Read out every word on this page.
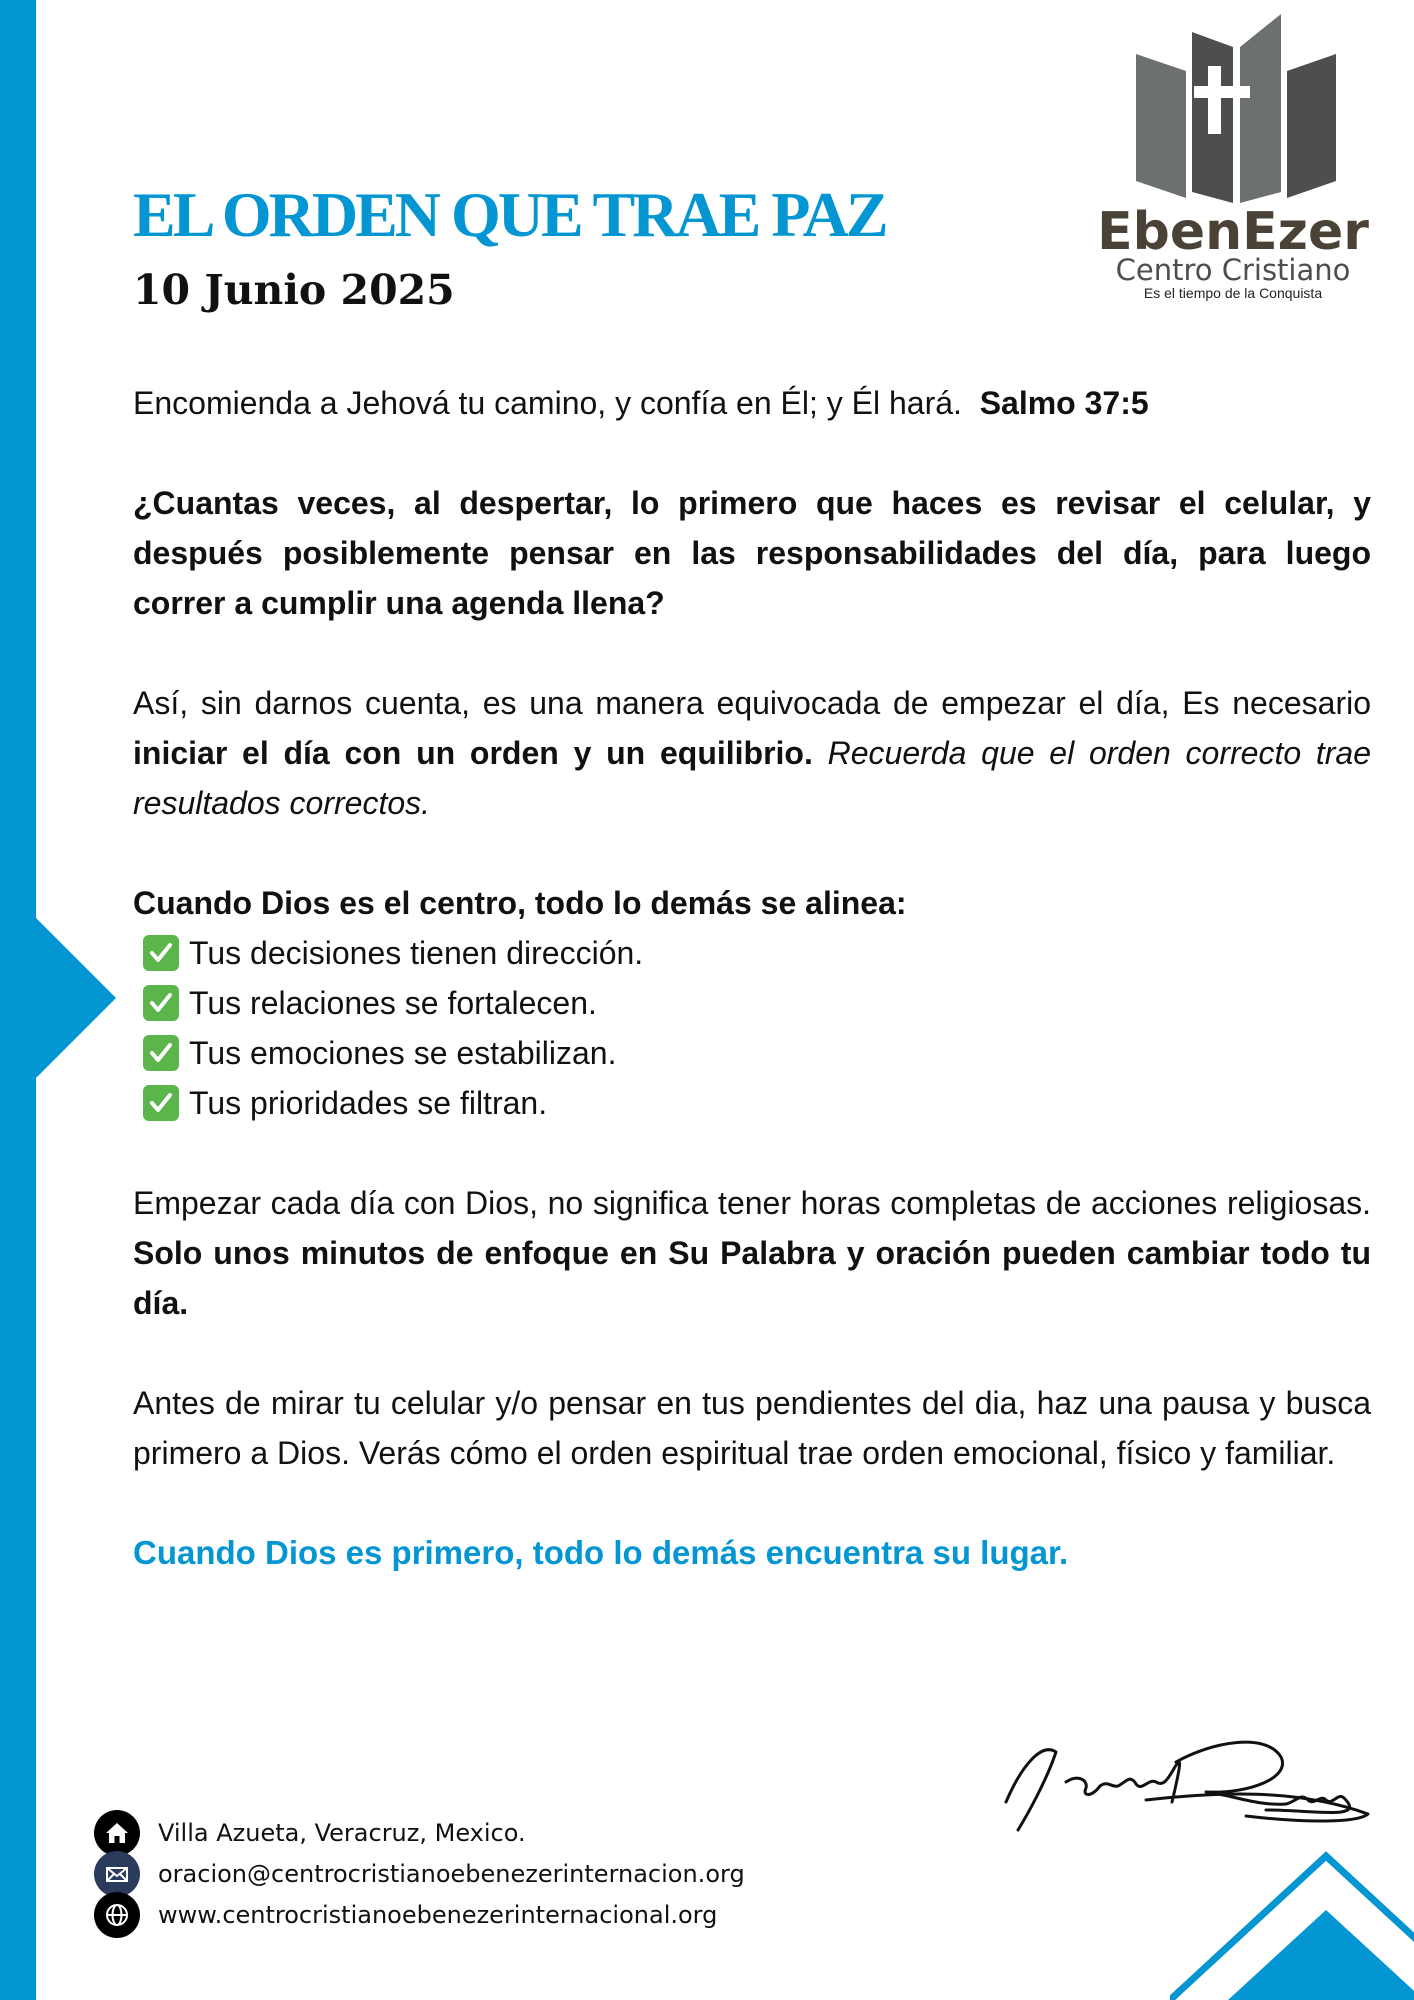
EbenEzer
Centro Cristiano
Es el tiempo de la Conquista
EL ORDEN QUE TRAE PAZ
10 Junio 2025

Encomienda a Jehová tu camino, y confía en Él; y Él hará. Salmo 37:5

¿Cuantas veces, al despertar, lo primero que haces es revisar el celular, y después posiblemente pensar en las responsabilidades del día, para luego correr a cumplir una agenda llena?

Así, sin darnos cuenta, es una manera equivocada de empezar el día, Es necesario iniciar el día con un orden y un equilibrio. Recuerda que el orden correcto trae resultados correctos.

Cuando Dios es el centro, todo lo demás se alinea:
Tus decisiones tienen dirección.
Tus relaciones se fortalecen.
Tus emociones se estabilizan.
Tus prioridades se filtran.

Empezar cada día con Dios, no significa tener horas completas de acciones religiosas. Solo unos minutos de enfoque en Su Palabra y oración pueden cambiar todo tu día.

Antes de mirar tu celular y/o pensar en tus pendientes del dia, haz una pausa y busca primero a Dios. Verás cómo el orden espiritual trae orden emocional, físico y familiar.

Cuando Dios es primero, todo lo demás encuentra su lugar.

Villa Azueta, Veracruz, Mexico.
oracion@centrocristianoebenezerinternacion.org
www.centrocristianoebenezerinternacional.org
